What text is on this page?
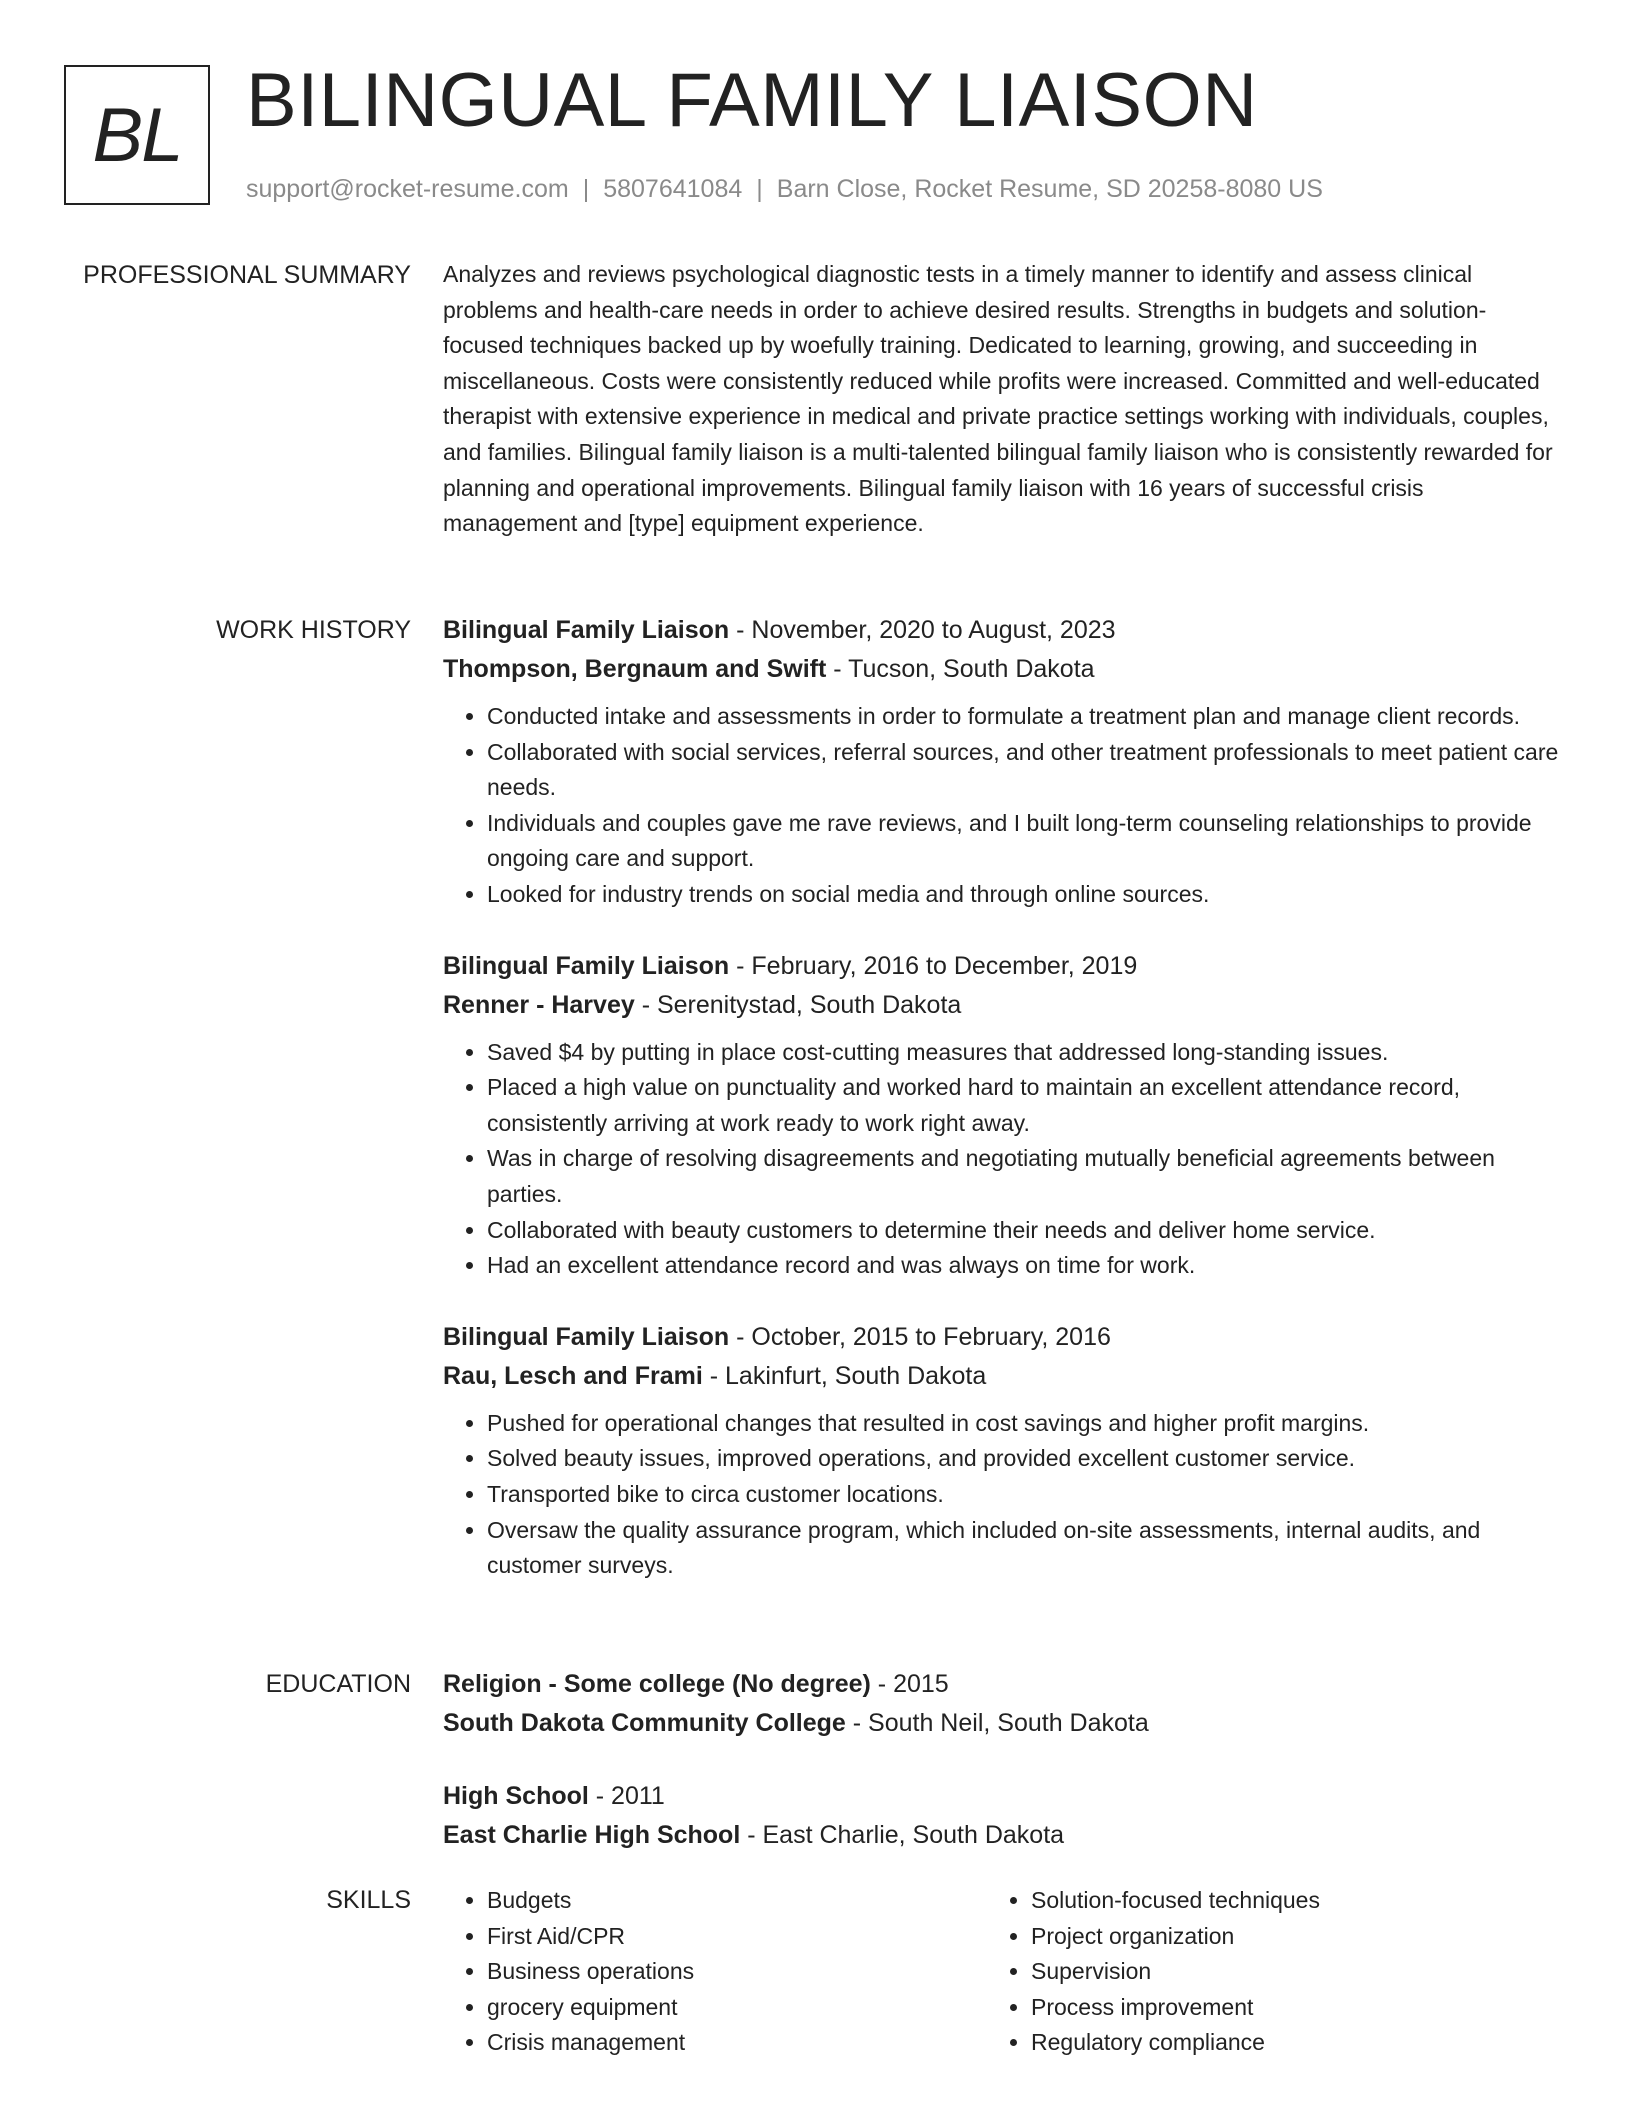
BL BILINGUAL FAMILY LIAISON
support@rocket-resume.com | 5807641084 | Barn Close, Rocket Resume, SD 20258-8080 US
PROFESSIONAL SUMMARY Analyzes and reviews psychological diagnostic tests in a timely manner to identify and assess clinical problems and health-care needs in order to achieve desired results. Strengths in budgets and solution-focused techniques backed up by woefully training. Dedicated to learning, growing, and succeeding in miscellaneous. Costs were consistently reduced while profits were increased. Committed and well-educated therapist with extensive experience in medical and private practice settings working with individuals, couples, and families. Bilingual family liaison is a multi-talented bilingual family liaison who is consistently rewarded for planning and operational improvements. Bilingual family liaison with 16 years of successful crisis management and [type] equipment experience.
WORK HISTORY Bilingual Family Liaison - November, 2020 to August, 2023
Thompson, Bergnaum and Swift - Tucson, South Dakota
• Conducted intake and assessments in order to formulate a treatment plan and manage client records.
• Collaborated with social services, referral sources, and other treatment professionals to meet patient care needs.
• Individuals and couples gave me rave reviews, and I built long-term counseling relationships to provide ongoing care and support.
• Looked for industry trends on social media and through online sources.
Bilingual Family Liaison - February, 2016 to December, 2019
Renner - Harvey - Serenitystad, South Dakota
• Saved $4 by putting in place cost-cutting measures that addressed long-standing issues.
• Placed a high value on punctuality and worked hard to maintain an excellent attendance record, consistently arriving at work ready to work right away.
• Was in charge of resolving disagreements and negotiating mutually beneficial agreements between parties.
• Collaborated with beauty customers to determine their needs and deliver home service.
• Had an excellent attendance record and was always on time for work.
Bilingual Family Liaison - October, 2015 to February, 2016
Rau, Lesch and Frami - Lakinfurt, South Dakota
• Pushed for operational changes that resulted in cost savings and higher profit margins.
• Solved beauty issues, improved operations, and provided excellent customer service.
• Transported bike to circa customer locations.
• Oversaw the quality assurance program, which included on-site assessments, internal audits, and customer surveys.
EDUCATION Religion - Some college (No degree) - 2015
South Dakota Community College - South Neil, South Dakota
High School - 2011
East Charlie High School - East Charlie, South Dakota
SKILLS
•	Budgets
• First Aid/CPR
• Business operations
• grocery equipment
• Crisis management
• Solution-focused techniques
• Project organization
• Supervision
• Process improvement
• Regulatory compliance
